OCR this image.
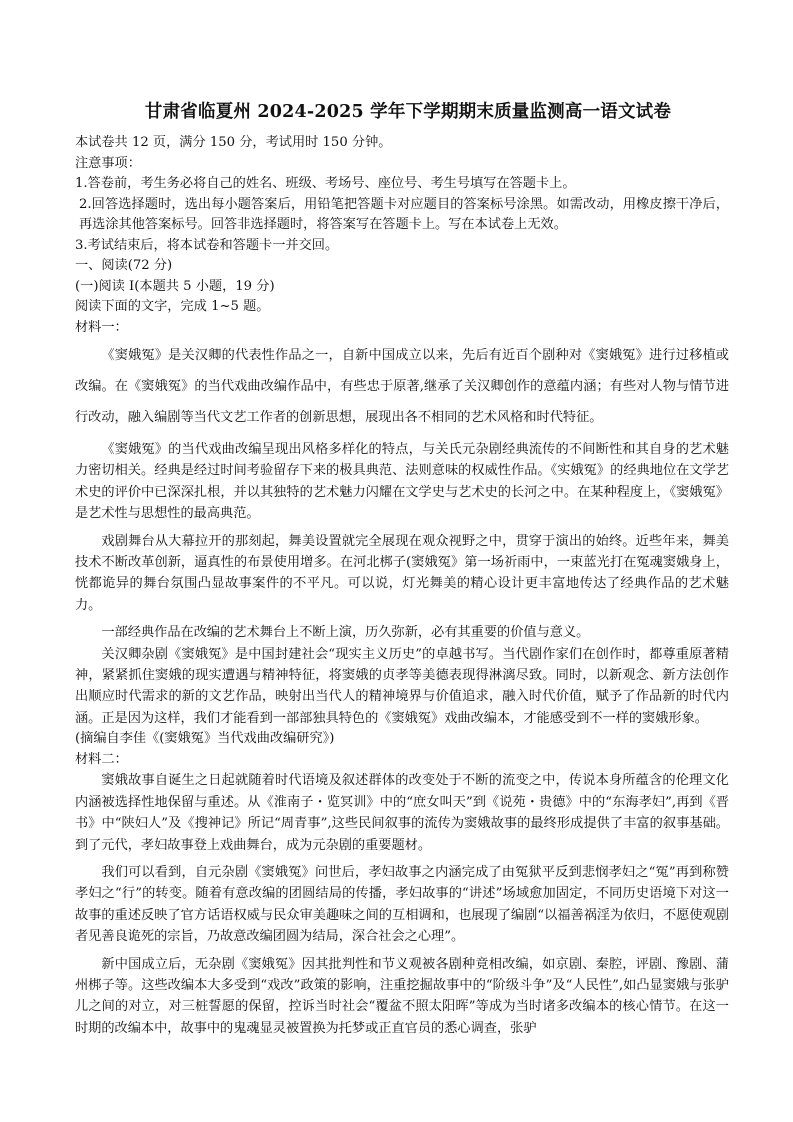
甘肃省临夏州 2024-2025 学年下学期期末质量监测高一语文试卷

本试卷共 12 页，满分 150 分，考试用时 150 分钟。

注意事项：

1.答卷前，考生务必将自己的姓名、班级、考场号、座位号、考生号填写在答题卡上。

2.回答选择题时，选出每小题答案后，用铅笔把答题卡对应题目的答案标号涂黑。如需改动，用橡皮擦干净后，再选涂其他答案标号。回答非选择题时，将答案写在答题卡上。写在本试卷上无效。

3.考试结束后，将本试卷和答题卡一并交回。

一、阅读(72 分)

(一)阅读 I(本题共 5 小题，19 分)

阅读下面的文字，完成 1~5 题。

材料一：

《窦娥冤》是关汉卿的代表性作品之一，自新中国成立以来，先后有近百个剧种对《窦娥冤》进行过移植或改编。在《窦娥冤》的当代戏曲改编作品中，有些忠于原著,继承了关汉卿创作的意蕴内涵；有些对人物与情节进行改动，融入编剧等当代文艺工作者的创新思想，展现出各不相同的艺术风格和时代特征。

《窦娥冤》的当代戏曲改编呈现出风格多样化的特点，与关氏元杂剧经典流传的不间断性和其自身的艺术魅力密切相关。经典是经过时间考验留存下来的极具典范、法则意味的权威性作品。《实娥冤》的经典地位在文学艺术史的评价中已深深扎根，并以其独特的艺术魅力闪耀在文学史与艺术史的长河之中。在某种程度上，《窦娥冤》是艺术性与思想性的最高典范。

戏剧舞台从大幕拉开的那刻起，舞美设置就完全展现在观众视野之中，贯穿于演出的始终。近些年来，舞美技术不断改革创新，逼真性的布景使用增多。在河北梆子(窦娥冤》第一场祈雨中，一束蓝光打在冤魂窦娥身上，恍都诡异的舞台氛围凸显故事案件的不平凡。可以说，灯光舞美的精心设计更丰富地传达了经典作品的艺术魅力。

一部经典作品在改编的艺术舞台上不断上演，历久弥新，必有其重要的价值与意义。

关汉卿杂剧《窦娥冤》是中国封建社会“现实主义历史”的卓越书写。当代剧作家们在创作时，都尊重原著精神，紧紧抓住窦娥的现实遭遇与精神特征，将窦娥的贞孝等美德表现得淋漓尽致。同时，以新观念、新方法创作出顺应时代需求的新的文艺作品，映射出当代人的精神境界与价值追求，融入时代价值，赋予了作品新的时代内涵。正是因为这样，我们才能看到一部部独具特色的《窦娥冤》戏曲改编本，才能感受到不一样的窦娥形象。

(摘编自李佳《(窦娥冤》当代戏曲改编研究》)

材料二：

窦娥故事自诞生之日起就随着时代语境及叙述群体的改变处于不断的流变之中，传说本身所蕴含的伦理文化内涵被选择性地保留与重述。从《淮南子・览冥训》中的“庶女叫天”到《说苑・贵德》中的“东海孝妇”,再到《晋书》中“陕妇人”及《搜神记》所记“周青事”,这些民间叙事的流传为窦娥故事的最终形成提供了丰富的叙事基础。到了元代，孝妇故事登上戏曲舞台，成为元杂剧的重要题材。

我们可以看到，自元杂剧《窦娥冤》问世后，孝妇故事之内涵完成了由冤狱平反到悲悯孝妇之“冤”再到称赞孝妇之“行”的转变。随着有意改编的团圆结局的传播，孝妇故事的“讲述”场域愈加固定，不同历史语境下对这一故事的重述反映了官方话语权威与民众审美趣味之间的互相调和，也展现了编剧“以福善祸淫为依归，不愿使观剧者见善良诡死的宗旨，乃故意改编团圆为结局，深合社会之心理”。

新中国成立后，无杂剧《窦娥冤》因其批判性和节义观被各剧种竟相改编，如京剧、秦腔，评剧、豫剧、蒲州梆子等。这些改编本大多受到“戏改”政策的影响，注重挖掘故事中的“阶级斗争”及“人民性”,如凸显窦娥与张驴儿之间的对立，对三桩誓愿的保留，控诉当时社会“覆盆不照太阳晖”等成为当时诸多改编本的核心情节。在这一时期的改编本中，故事中的鬼魂显灵被置换为托梦或正直官员的悉心调查，张驴
